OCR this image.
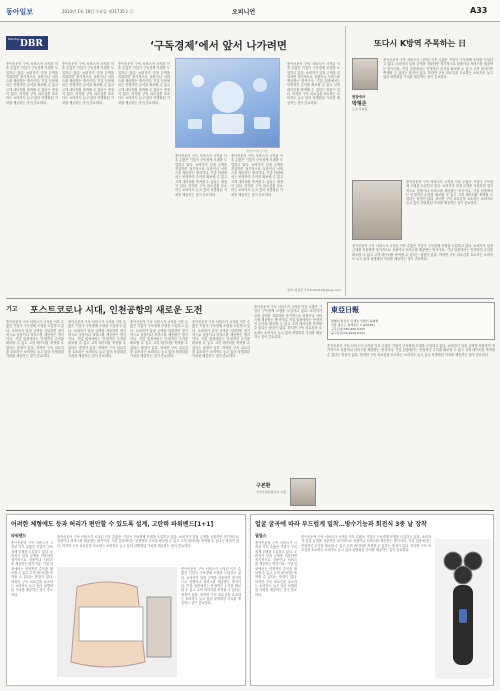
동아일보	2023년 1월 18일 수요일 제31735호 ⓒ	오피니언	A33
Monday DBR	‘구독경제’에서 앞서 나가려면
종이신문의 구독 서비스가 시작된 이후 수많은 기업이 구독경제 모델을 도입하고 있다. 소비자가 일정 금액을 지불하면 정기적으로 상품이나 서비스를 제공받는 방식이다. 기업 입장에서는 안정적인 수익을 확보할 수 있고 고객 데이터를 축적할 수 있다는 장점이 있다. 하지만 구독 피로감을 호소하는 소비자도 늘고 있어 차별화된 가치를 제공하는 것이 중요하다.
종이신문의 구독 서비스가 시작된 이후 수많은 기업이 구독경제 모델을 도입하고 있다. 소비자가 일정 금액을 지불하면 정기적으로 상품이나 서비스를 제공받는 방식이다. 기업 입장에서는 안정적인 수익을 확보할 수 있고 고객 데이터를 축적할 수 있다는 장점이 있다. 하지만 구독 피로감을 호소하는 소비자도 늘고 있어 차별화된 가치를 제공하는 것이 중요하다.
종이신문의 구독 서비스가 시작된 이후 수많은 기업이 구독경제 모델을 도입하고 있다. 소비자가 일정 금액을 지불하면 정기적으로 상품이나 서비스를 제공받는 방식이다. 기업 입장에서는 안정적인 수익을 확보할 수 있고 고객 데이터를 축적할 수 있다는 장점이 있다. 하지만 구독 피로감을 호소하는 소비자도 늘고 있어 차별화된 가치를 제공하는 것이 중요하다.
게티이미지코리아
종이신문의 구독 서비스가 시작된 이후 수많은 기업이 구독경제 모델을 도입하고 있다. 소비자가 일정 금액을 지불하면 정기적으로 상품이나 서비스를 제공받는 방식이다. 기업 입장에서는 안정적인 수익을 확보할 수 있고 고객 데이터를 축적할 수 있다는 장점이 있다. 하지만 구독 피로감을 호소하는 소비자도 늘고 있어 차별화된 가치를 제공하는 것이 중요하다.
종이신문의 구독 서비스가 시작된 이후 수많은 기업이 구독경제 모델을 도입하고 있다. 소비자가 일정 금액을 지불하면 정기적으로 상품이나 서비스를 제공받는 방식이다. 기업 입장에서는 안정적인 수익을 확보할 수 있고 고객 데이터를 축적할 수 있다는 장점이 있다. 하지만 구독 피로감을 호소하는 소비자도 늘고 있어 차별화된 가치를 제공하는 것이 중요하다.
종이신문의 구독 서비스가 시작된 이후 수많은 기업이 구독경제 모델을 도입하고 있다. 소비자가 일정 금액을 지불하면 정기적으로 상품이나 서비스를 제공받는 방식이다. 기업 입장에서는 안정적인 수익을 확보할 수 있고 고객 데이터를 축적할 수 있다는 장점이 있다. 하지만 구독 피로감을 호소하는 소비자도 늘고 있어 차별화된 가치를 제공하는 것이 중요하다.
정리=김윤진 기자 truth311@donga.com
또다시 K방역 주목하는 日
현장에서
박형준
도쿄 특파원
종이신문의 구독 서비스가 시작된 이후 수많은 기업이 구독경제 모델을 도입하고 있다. 소비자가 일정 금액을 지불하면 정기적으로 상품이나 서비스를 제공받는 방식이다. 기업 입장에서는 안정적인 수익을 확보할 수 있고 고객 데이터를 축적할 수 있다는 장점이 있다. 하지만 구독 피로감을 호소하는 소비자도 늘고 있어 차별화된 가치를 제공하는 것이 중요하다.
종이신문의 구독 서비스가 시작된 이후 수많은 기업이 구독경제 모델을 도입하고 있다. 소비자가 일정 금액을 지불하면 정기적으로 상품이나 서비스를 제공받는 방식이다. 기업 입장에서는 안정적인 수익을 확보할 수 있고 고객 데이터를 축적할 수 있다는 장점이 있다. 하지만 구독 피로감을 호소하는 소비자도 늘고 있어 차별화된 가치를 제공하는 것이 중요하다.
종이신문의 구독 서비스가 시작된 이후 수많은 기업이 구독경제 모델을 도입하고 있다. 소비자가 일정 금액을 지불하면 정기적으로 상품이나 서비스를 제공받는 방식이다. 기업 입장에서는 안정적인 수익을 확보할 수 있고 고객 데이터를 축적할 수 있다는 장점이 있다. 하지만 구독 피로감을 호소하는 소비자도 늘고 있어 차별화된 가치를 제공하는 것이 중요하다.
기고 포스트코로나 시대, 인천공항의 새로운 도전
종이신문의 구독 서비스가 시작된 이후 수많은 기업이 구독경제 모델을 도입하고 있다. 소비자가 일정 금액을 지불하면 정기적으로 상품이나 서비스를 제공받는 방식이다. 기업 입장에서는 안정적인 수익을 확보할 수 있고 고객 데이터를 축적할 수 있다는 장점이 있다. 하지만 구독 피로감을 호소하는 소비자도 늘고 있어 차별화된 가치를 제공하는 것이 중요하다.
종이신문의 구독 서비스가 시작된 이후 수많은 기업이 구독경제 모델을 도입하고 있다. 소비자가 일정 금액을 지불하면 정기적으로 상품이나 서비스를 제공받는 방식이다. 기업 입장에서는 안정적인 수익을 확보할 수 있고 고객 데이터를 축적할 수 있다는 장점이 있다. 하지만 구독 피로감을 호소하는 소비자도 늘고 있어 차별화된 가치를 제공하는 것이 중요하다.
종이신문의 구독 서비스가 시작된 이후 수많은 기업이 구독경제 모델을 도입하고 있다. 소비자가 일정 금액을 지불하면 정기적으로 상품이나 서비스를 제공받는 방식이다. 기업 입장에서는 안정적인 수익을 확보할 수 있고 고객 데이터를 축적할 수 있다는 장점이 있다. 하지만 구독 피로감을 호소하는 소비자도 늘고 있어 차별화된 가치를 제공하는 것이 중요하다.
종이신문의 구독 서비스가 시작된 이후 수많은 기업이 구독경제 모델을 도입하고 있다. 소비자가 일정 금액을 지불하면 정기적으로 상품이나 서비스를 제공받는 방식이다. 기업 입장에서는 안정적인 수익을 확보할 수 있고 고객 데이터를 축적할 수 있다는 장점이 있다. 하지만 구독 피로감을 호소하는 소비자도 늘고 있어 차별화된 가치를 제공하는 것이 중요하다.
종이신문의 구독 서비스가 시작된 이후 수많은 기업이 구독경제 모델을 도입하고 있다. 소비자가 일정 금액을 지불하면 정기적으로 상품이나 서비스를 제공받는 방식이다. 기업 입장에서는 안정적인 수익을 확보할 수 있고 고객 데이터를 축적할 수 있다는 장점이 있다. 하지만 구독 피로감을 호소하는 소비자도 늘고 있어 차별화된 가치를 제공하는 것이 중요하다.
구본환
인천국제공항공사 사장
東亞日報
발행인·편집인 김재호 인쇄인 최의현
서울 종로구 청계천로 1 (03187)
구독신청 080-900-0333
광고문의 02-2020-0123
종이신문의 구독 서비스가 시작된 이후 수많은 기업이 구독경제 모델을 도입하고 있다. 소비자가 일정 금액을 지불하면 정기적으로 상품이나 서비스를 제공받는 방식이다. 기업 입장에서는 안정적인 수익을 확보할 수 있고 고객 데이터를 축적할 수 있다는 장점이 있다. 하지만 구독 피로감을 호소하는 소비자도 늘고 있어 차별화된 가치를 제공하는 것이 중요하다.
어려한 체형에도 등과 허리가 편안할 수 있도록 설계, 고탄력 파워밴드[1+1]
파워밴드
종이신문의 구독 서비스가 시작된 이후 수많은 기업이 구독경제 모델을 도입하고 있다. 소비자가 일정 금액을 지불하면 정기적으로 상품이나 서비스를 제공받는 방식이다. 기업 입장에서는 안정적인 수익을 확보할 수 있고 고객 데이터를 축적할 수 있다는 장점이 있다. 하지만 구독 피로감을 호소하는 소비자도 늘고 있어 차별화된 가치를 제공하는 것이 중요하다.
종이신문의 구독 서비스가 시작된 이후 수많은 기업이 구독경제 모델을 도입하고 있다. 소비자가 일정 금액을 지불하면 정기적으로 상품이나 서비스를 제공받는 방식이다. 기업 입장에서는 안정적인 수익을 확보할 수 있고 고객 데이터를 축적할 수 있다는 장점이 있다. 하지만 구독 피로감을 호소하는 소비자도 늘고 있어 차별화된 가치를 제공하는 것이 중요하다.
종이신문의 구독 서비스가 시작된 이후 수많은 기업이 구독경제 모델을 도입하고 있다. 소비자가 일정 금액을 지불하면 정기적으로 상품이나 서비스를 제공받는 방식이다. 기업 입장에서는 안정적인 수익을 확보할 수 있고 고객 데이터를 축적할 수 있다는 장점이 있다. 하지만 구독 피로감을 호소하는 소비자도 늘고 있어 차별화된 가치를 제공하는 것이 중요하다.
얼굴 굴곡에 따라 부드럽게 밀착…방수기능과 회전식 3중 날 장착
필립스
종이신문의 구독 서비스가 시작된 이후 수많은 기업이 구독경제 모델을 도입하고 있다. 소비자가 일정 금액을 지불하면 정기적으로 상품이나 서비스를 제공받는 방식이다. 기업 입장에서는 안정적인 수익을 확보할 수 있고 고객 데이터를 축적할 수 있다는 장점이 있다. 하지만 구독 피로감을 호소하는 소비자도 늘고 있어 차별화된 가치를 제공하는 것이 중요하다.
종이신문의 구독 서비스가 시작된 이후 수많은 기업이 구독경제 모델을 도입하고 있다. 소비자가 일정 금액을 지불하면 정기적으로 상품이나 서비스를 제공받는 방식이다. 기업 입장에서는 안정적인 수익을 확보할 수 있고 고객 데이터를 축적할 수 있다는 장점이 있다. 하지만 구독 피로감을 호소하는 소비자도 늘고 있어 차별화된 가치를 제공하는 것이 중요하다.
